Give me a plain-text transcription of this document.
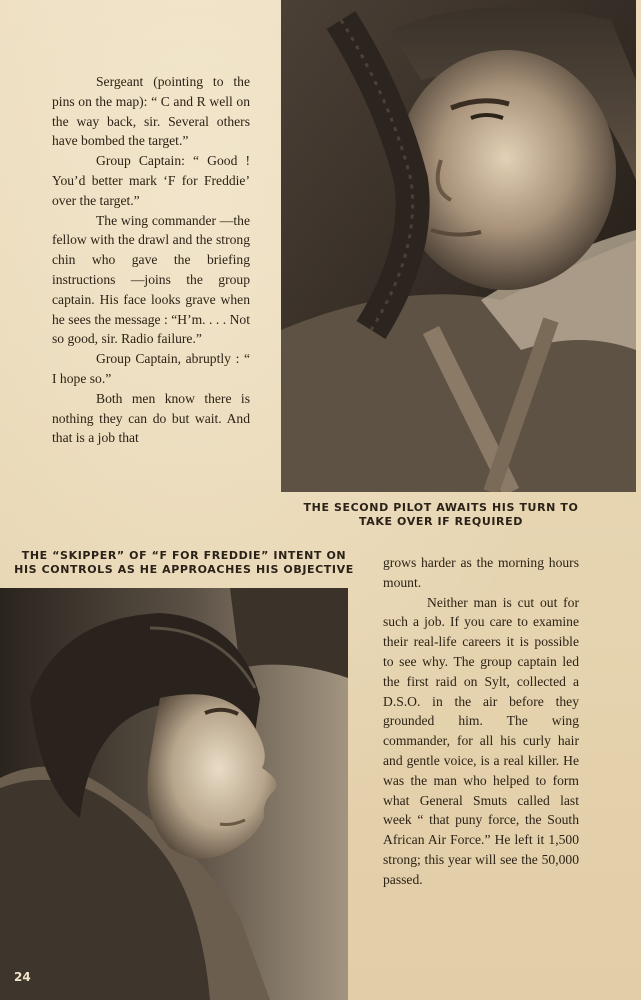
Sergeant (pointing to the pins on the map): “ C and R well on the way back, sir. Several others have bombed the target.”

Group Captain: “ Good ! You’d better mark ‘F for Freddie’ over the target.”

The wing commander —the fellow with the drawl and the strong chin who gave the briefing instructions —joins the group captain. His face looks grave when he sees the message : “H’m. . . . Not so good, sir. Radio failure.”

Group Captain, abruptly : “ I hope so.”

Both men know there is nothing they can do but wait. And that is a job that

THE SECOND PILOT AWAITS HIS TURN TO TAKE OVER IF REQUIRED
THE “SKIPPER” OF “F FOR FREDDIE” INTENT ON HIS CONTROLS AS HE APPROACHES HIS OBJECTIVE grows harder as the morning hours mount.

Neither man is cut out for such a job. If you care to examine their real-life careers it is possible to see why. The group captain led the first raid on Sylt, collected a D.S.O. in the air before they grounded him. The wing commander, for all his curly hair and gentle voice, is a real killer. He was the man who helped to form what General Smuts called last week “ that puny force, the South African Air Force.” He left it 1,500 strong; this year will see the 50,000 passed.

24
